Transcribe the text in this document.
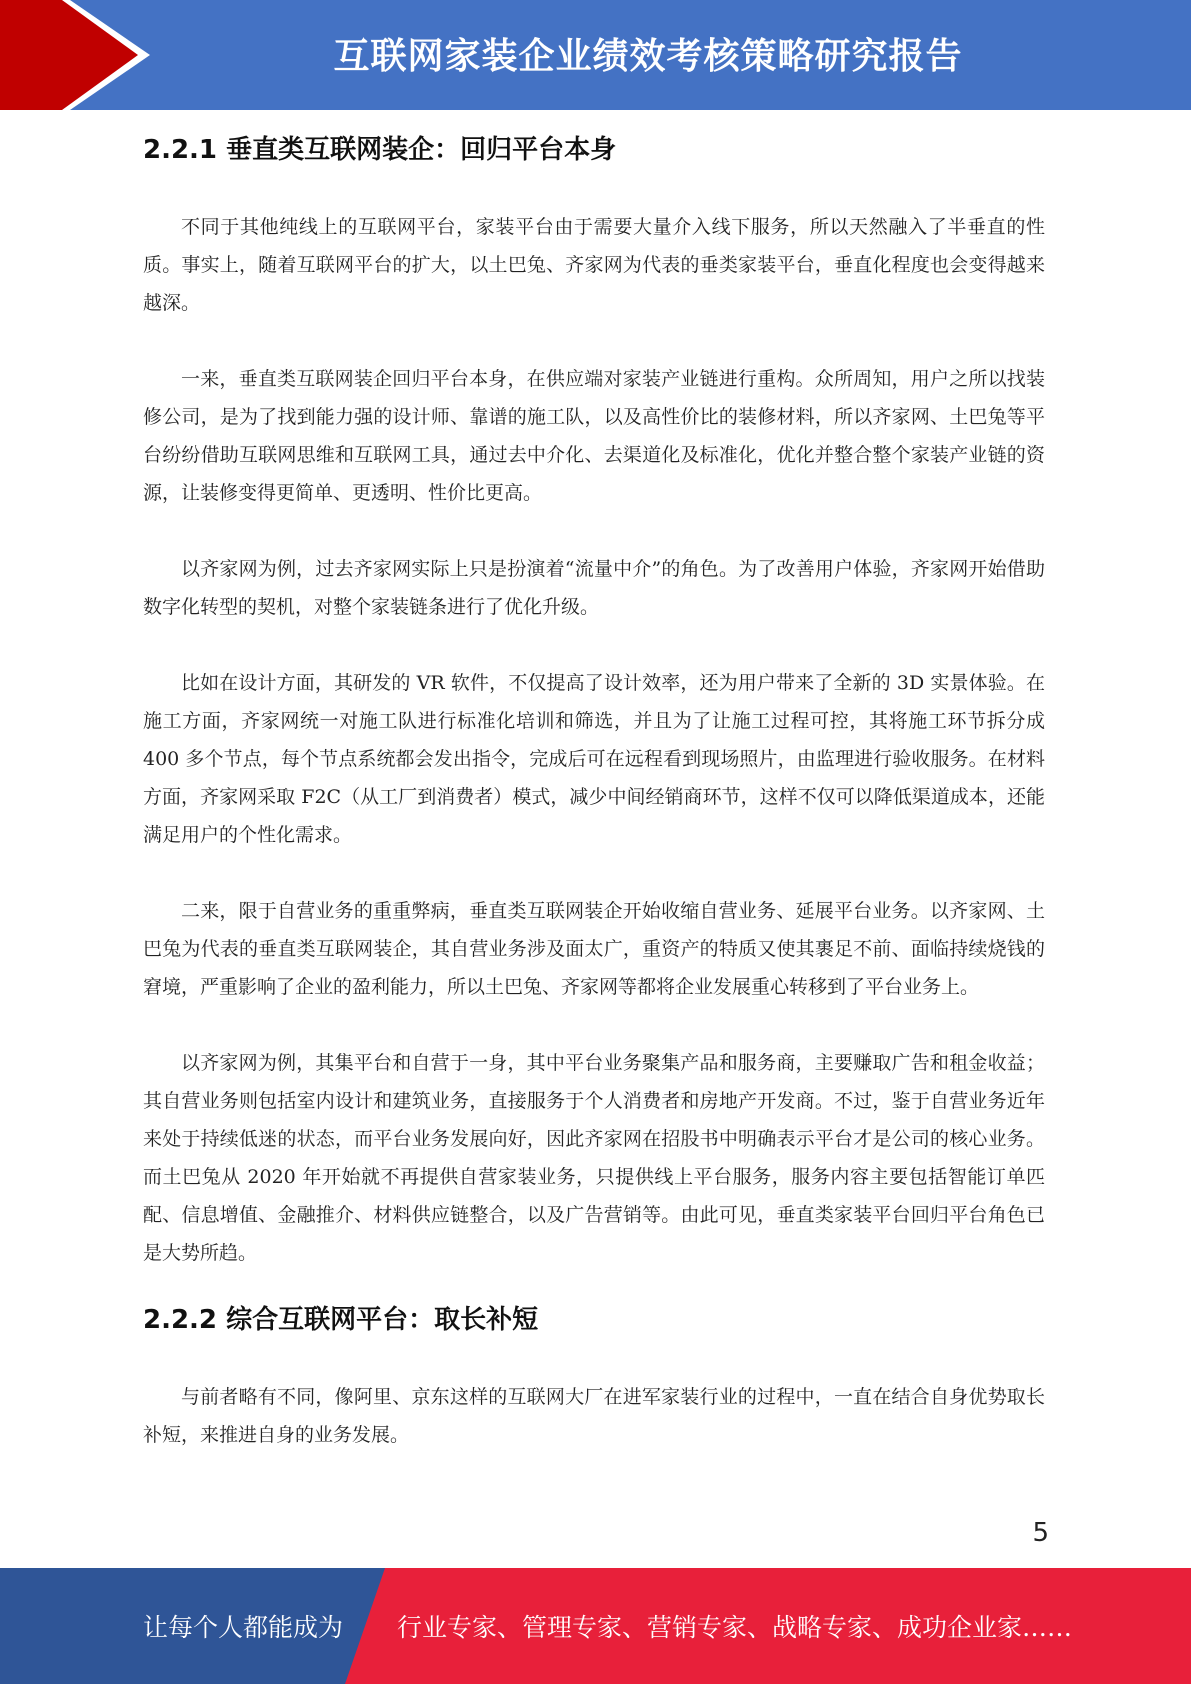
互联网家装企业绩效考核策略研究报告
2.2.1 垂直类互联网装企：回归平台本身

不同于其他纯线上的互联网平台，家装平台由于需要大量介入线下服务，所以天然融入了半垂直的性质。事实上，随着互联网平台的扩大，以土巴兔、齐家网为代表的垂类家装平台，垂直化程度也会变得越来越深。

一来，垂直类互联网装企回归平台本身，在供应端对家装产业链进行重构。众所周知，用户之所以找装修公司，是为了找到能力强的设计师、靠谱的施工队，以及高性价比的装修材料，所以齐家网、土巴兔等平台纷纷借助互联网思维和互联网工具，通过去中介化、去渠道化及标准化，优化并整合整个家装产业链的资源，让装修变得更简单、更透明、性价比更高。

以齐家网为例，过去齐家网实际上只是扮演着“流量中介”的角色。为了改善用户体验，齐家网开始借助数字化转型的契机，对整个家装链条进行了优化升级。

比如在设计方面，其研发的 VR 软件，不仅提高了设计效率，还为用户带来了全新的 3D 实景体验。在施工方面，齐家网统一对施工队进行标准化培训和筛选，并且为了让施工过程可控，其将施工环节拆分成 400 多个节点，每个节点系统都会发出指令，完成后可在远程看到现场照片，由监理进行验收服务。在材料方面，齐家网采取 F2C（从工厂到消费者）模式，减少中间经销商环节，这样不仅可以降低渠道成本，还能满足用户的个性化需求。

二来，限于自营业务的重重弊病，垂直类互联网装企开始收缩自营业务、延展平台业务。以齐家网、土巴兔为代表的垂直类互联网装企，其自营业务涉及面太广，重资产的特质又使其裹足不前、面临持续烧钱的窘境，严重影响了企业的盈利能力，所以土巴兔、齐家网等都将企业发展重心转移到了平台业务上。

以齐家网为例，其集平台和自营于一身，其中平台业务聚集产品和服务商，主要赚取广告和租金收益；其自营业务则包括室内设计和建筑业务，直接服务于个人消费者和房地产开发商。不过，鉴于自营业务近年来处于持续低迷的状态，而平台业务发展向好，因此齐家网在招股书中明确表示平台才是公司的核心业务。而土巴兔从 2020 年开始就不再提供自营家装业务，只提供线上平台服务，服务内容主要包括智能订单匹配、信息增值、金融推介、材料供应链整合，以及广告营销等。由此可见，垂直类家装平台回归平台角色已是大势所趋。

2.2.2 综合互联网平台：取长补短

与前者略有不同，像阿里、京东这样的互联网大厂在进军家装行业的过程中，一直在结合自身优势取长补短，来推进自身的业务发展。

5
让每个人都能成为 行业专家、管理专家、营销专家、战略专家、成功企业家……
